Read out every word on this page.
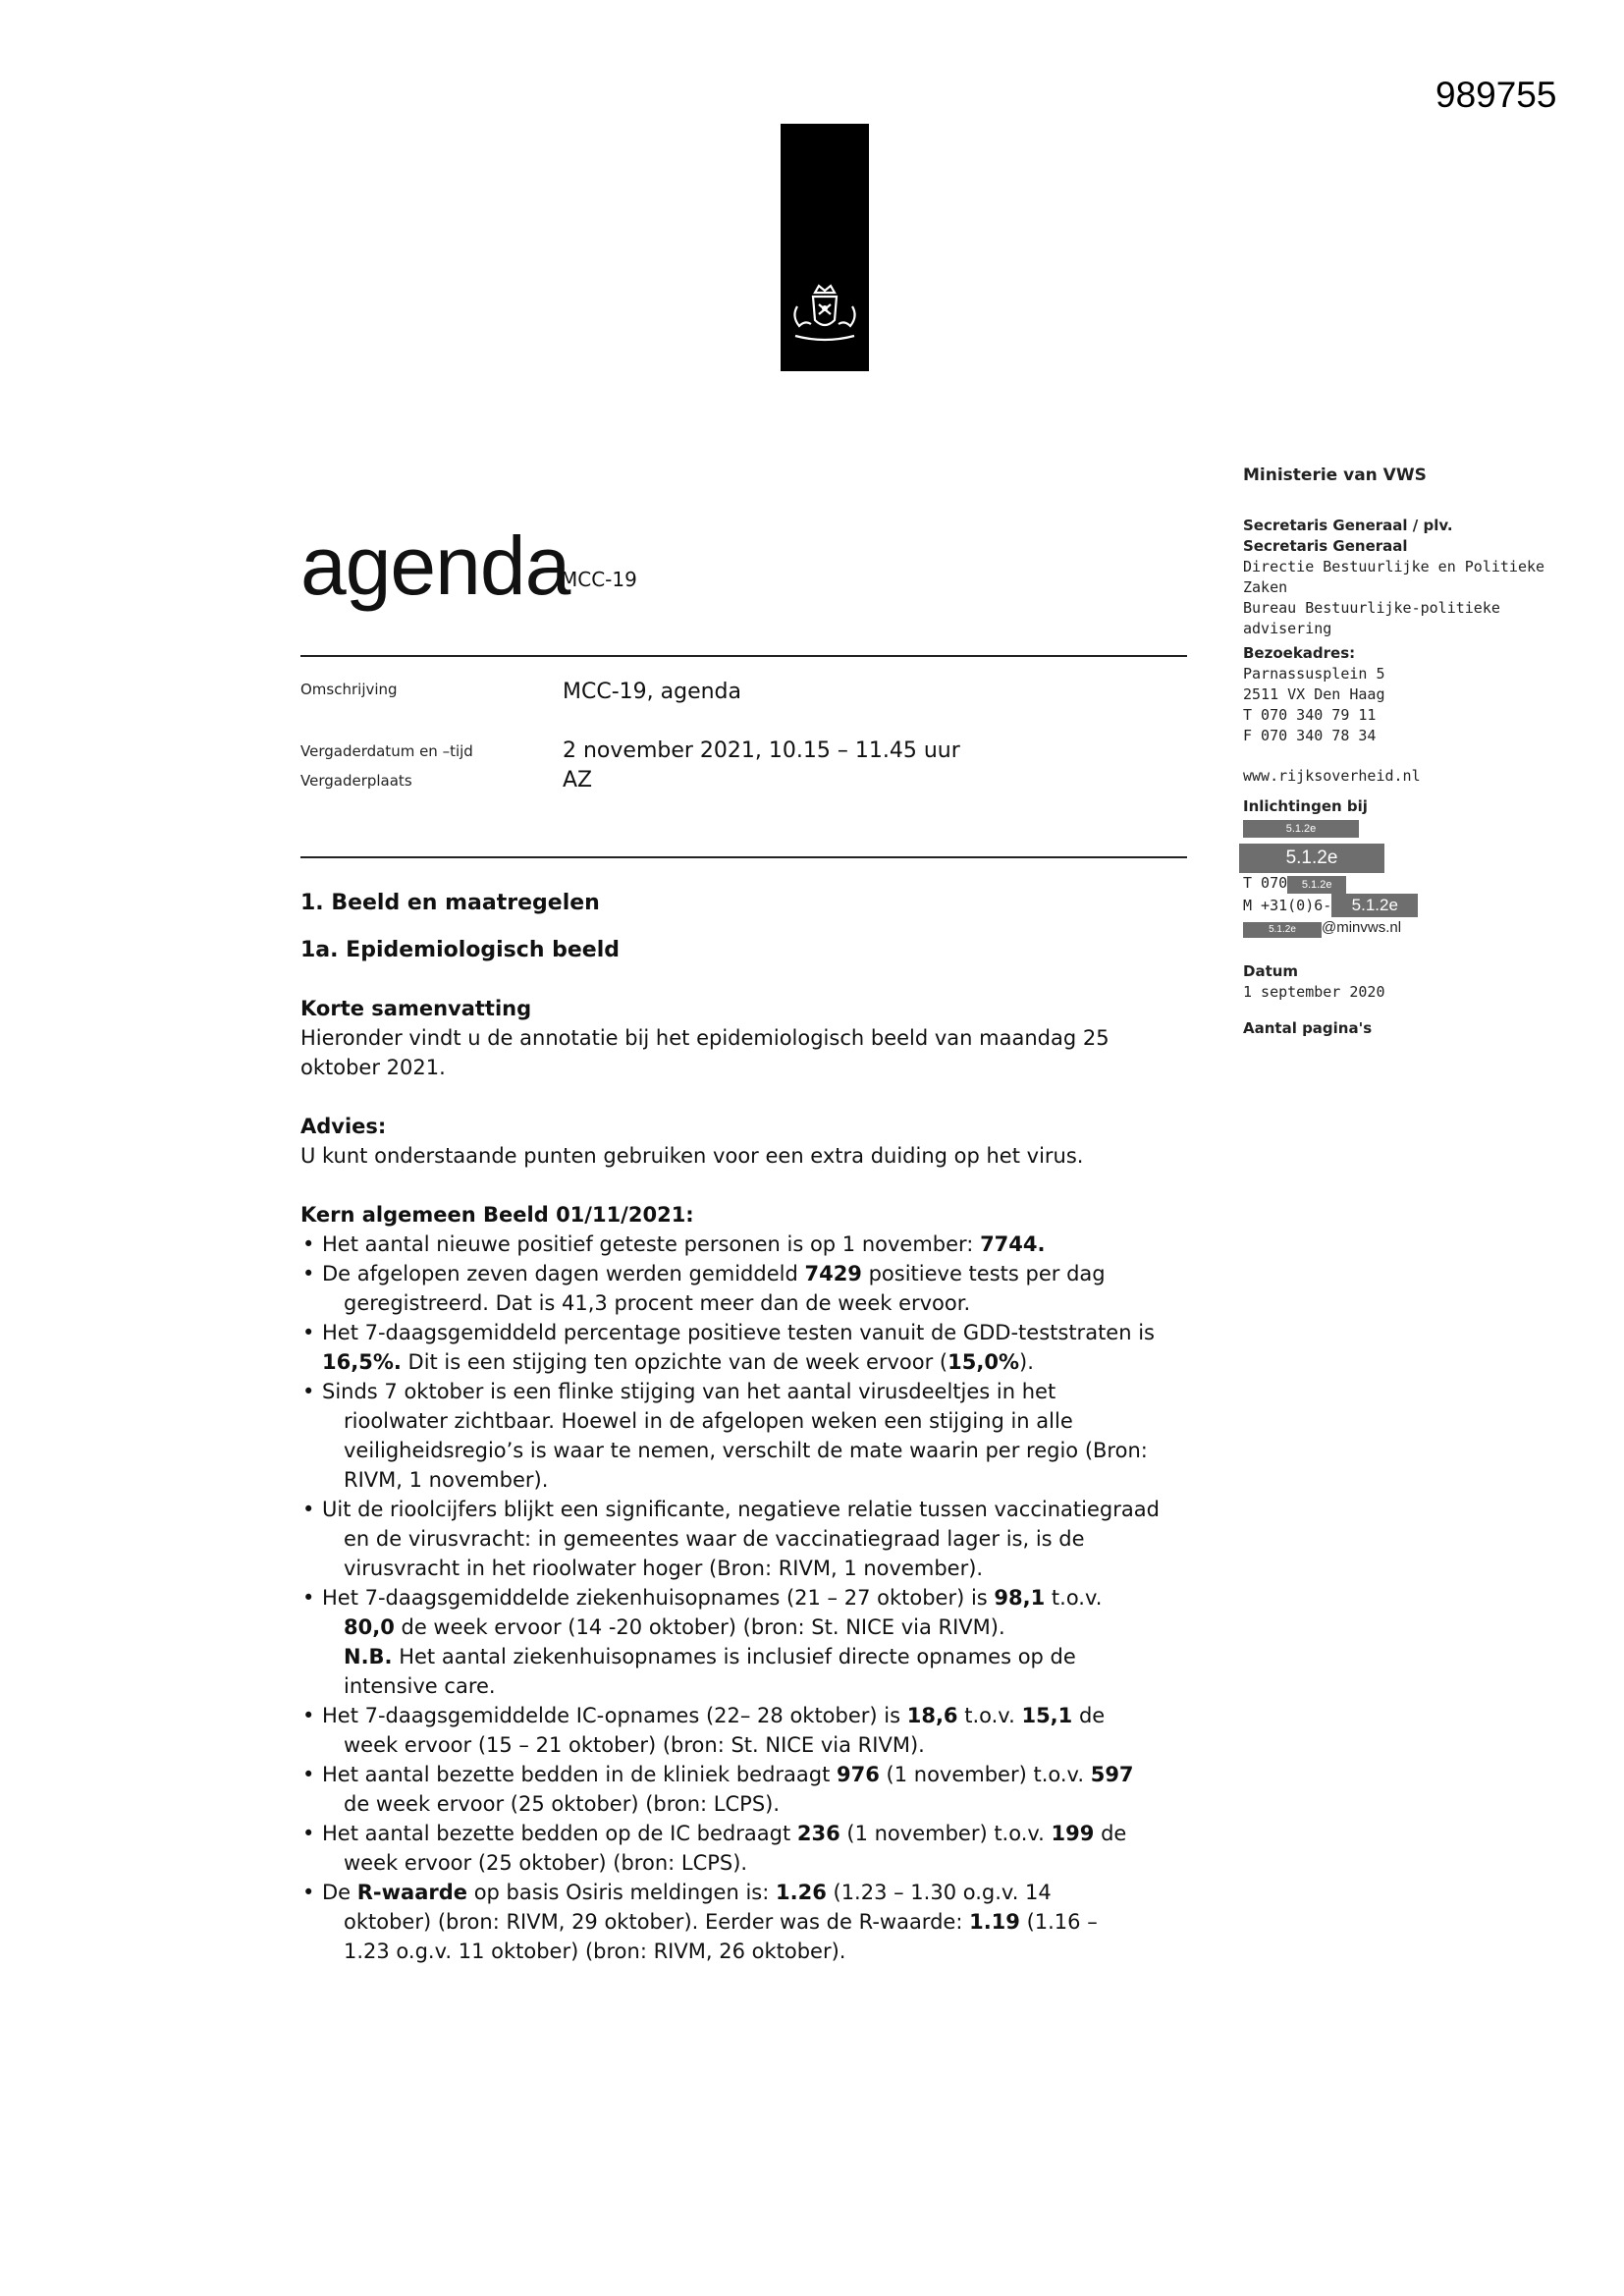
989755
agenda
MCC-19
Omschrijving	MCC-19, agenda
Vergaderdatum en –tijd	2 november 2021, 10.15 – 11.45 uur
Vergaderplaats	AZ
1. Beeld en maatregelen
1a. Epidemiologisch beeld

Korte samenvatting

Hieronder vindt u de annotatie bij het epidemiologisch beeld van maandag 25 oktober 2021.

Advies:

U kunt onderstaande punten gebruiken voor een extra duiding op het virus.

Kern algemeen Beeld 01/11/2021:

• Het aantal nieuwe positief geteste personen is op 1 november: 7744.
• De afgelopen zeven dagen werden gemiddeld 7429 positieve tests per dag
geregistreerd. Dat is 41,3 procent meer dan de week ervoor.
• Het 7-daagsgemiddeld percentage positieve testen vanuit de GDD-teststraten is
16,5%. Dit is een stijging ten opzichte van de week ervoor (15,0%).
• Sinds 7 oktober is een flinke stijging van het aantal virusdeeltjes in het
rioolwater zichtbaar. Hoewel in de afgelopen weken een stijging in alle
veiligheidsregio’s is waar te nemen, verschilt de mate waarin per regio (Bron:
RIVM, 1 november).
• Uit de rioolcijfers blijkt een significante, negatieve relatie tussen vaccinatiegraad
en de virusvracht: in gemeentes waar de vaccinatiegraad lager is, is de
virusvracht in het rioolwater hoger (Bron: RIVM, 1 november).
• Het 7-daagsgemiddelde ziekenhuisopnames (21 – 27 oktober) is 98,1 t.o.v.
80,0 de week ervoor (14 -20 oktober) (bron: St. NICE via RIVM).
N.B. Het aantal ziekenhuisopnames is inclusief directe opnames op de
intensive care.
• Het 7-daagsgemiddelde IC-opnames (22– 28 oktober) is 18,6 t.o.v. 15,1 de
week ervoor (15 – 21 oktober) (bron: St. NICE via RIVM).
• Het aantal bezette bedden in de kliniek bedraagt 976 (1 november) t.o.v. 597
de week ervoor (25 oktober) (bron: LCPS).
• Het aantal bezette bedden op de IC bedraagt 236 (1 november) t.o.v. 199 de
week ervoor (25 oktober) (bron: LCPS).
• De R-waarde op basis Osiris meldingen is: 1.26 (1.23 – 1.30 o.g.v. 14
oktober) (bron: RIVM, 29 oktober). Eerder was de R-waarde: 1.19 (1.16 –
1.23 o.g.v. 11 oktober) (bron: RIVM, 26 oktober).
Ministerie van VWS
Secretaris Generaal / plv.
Secretaris Generaal
Directie Bestuurlijke en Politieke
Zaken
Bureau Bestuurlijke-politieke
advisering
Bezoekadres:
Parnassusplein 5
2511 VX Den Haag
T 070 340 79 11
F 070 340 78 34
www.rijksoverheid.nl
Inlichtingen bij
5.1.2e
5.1.2e
T 070 5.1.2e
M +31(0)6- 5.1.2e
5.1.2e @minvws.nl
Datum
1 september 2020
Aantal pagina's
